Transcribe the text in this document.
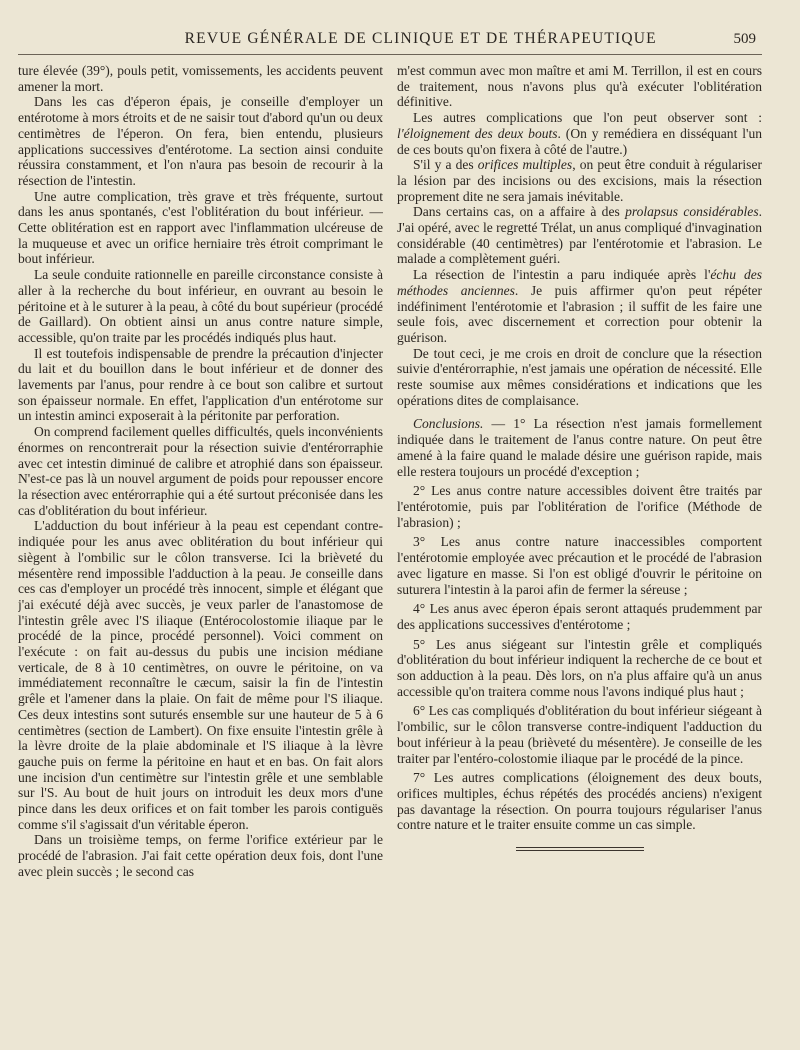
REVUE GÉNÉRALE DE CLINIQUE ET DE THÉRAPEUTIQUE	509

ture élevée (39°), pouls petit, vomissements, les accidents peuvent amener la mort.

Dans les cas d'éperon épais, je conseille d'employer un entérotome à mors étroits et de ne saisir tout d'abord qu'un ou deux centimètres de l'éperon. On fera, bien entendu, plusieurs applications successives d'entérotome. La section ainsi conduite réussira constamment, et l'on n'aura pas besoin de recourir à la résection de l'intestin.

Une autre complication, très grave et très fréquente, surtout dans les anus spontanés, c'est l'oblitération du bout inférieur. — Cette oblitération est en rapport avec l'inflammation ulcéreuse de la muqueuse et avec un orifice herniaire très étroit comprimant le bout inférieur.

La seule conduite rationnelle en pareille circonstance consiste à aller à la recherche du bout inférieur, en ouvrant au besoin le péritoine et à le suturer à la peau, à côté du bout supérieur (procédé de Gaillard). On obtient ainsi un anus contre nature simple, accessible, qu'on traite par les procédés indiqués plus haut.

Il est toutefois indispensable de prendre la précaution d'injecter du lait et du bouillon dans le bout inférieur et de donner des lavements par l'anus, pour rendre à ce bout son calibre et surtout son épaisseur normale. En effet, l'application d'un entérotome sur un intestin aminci exposerait à la péritonite par perforation.

On comprend facilement quelles difficultés, quels inconvénients énormes on rencontrerait pour la résection suivie d'entérorraphie avec cet intestin diminué de calibre et atrophié dans son épaisseur. N'est-ce pas là un nouvel argument de poids pour repousser encore la résection avec entérorraphie qui a été surtout préconisée dans les cas d'oblitération du bout inférieur.

L'adduction du bout inférieur à la peau est cependant contre-indiquée pour les anus avec oblitération du bout inférieur qui siègent à l'ombilic sur le côlon transverse. Ici la brièveté du mésentère rend impossible l'adduction à la peau. Je conseille dans ces cas d'employer un procédé très innocent, simple et élégant que j'ai exécuté déjà avec succès, je veux parler de l'anastomose de l'intestin grêle avec l'S iliaque (Entérocolostomie iliaque par le procédé de la pince, procédé personnel). Voici comment on l'exécute : on fait au-dessus du pubis une incision médiane verticale, de 8 à 10 centimètres, on ouvre le péritoine, on va immédiatement reconnaître le cæcum, saisir la fin de l'intestin grêle et l'amener dans la plaie. On fait de même pour l'S iliaque. Ces deux intestins sont suturés ensemble sur une hauteur de 5 à 6 centimètres (section de Lambert). On fixe ensuite l'intestin grêle à la lèvre droite de la plaie abdominale et l'S iliaque à la lèvre gauche puis on ferme la péritoine en haut et en bas. On fait alors une incision d'un centimètre sur l'intestin grêle et une semblable sur l'S. Au bout de huit jours on introduit les deux mors d'une pince dans les deux orifices et on fait tomber les parois contiguës comme s'il s'agissait d'un véritable éperon.

Dans un troisième temps, on ferme l'orifice extérieur par le procédé de l'abrasion. J'ai fait cette opération deux fois, dont l'une avec plein succès ; le second cas

m'est commun avec mon maître et ami M. Terrillon, il est en cours de traitement, nous n'avons plus qu'à exécuter l'oblitération définitive.

Les autres complications que l'on peut observer sont : l'éloignement des deux bouts. (On y remédiera en disséquant l'un de ces bouts qu'on fixera à côté de l'autre.)

S'il y a des orifices multiples, on peut être conduit à régulariser la lésion par des incisions ou des excisions, mais la résection proprement dite ne sera jamais inévitable.

Dans certains cas, on a affaire à des prolapsus considérables. J'ai opéré, avec le regretté Trélat, un anus compliqué d'invagination considérable (40 centimètres) par l'entérotomie et l'abrasion. Le malade a complètement guéri.

La résection de l'intestin a paru indiquée après l'échu des méthodes anciennes. Je puis affirmer qu'on peut répéter indéfiniment l'entérotomie et l'abrasion ; il suffit de les faire une seule fois, avec discernement et correction pour obtenir la guérison.

De tout ceci, je me crois en droit de conclure que la résection suivie d'entérorraphie, n'est jamais une opération de nécessité. Elle reste soumise aux mêmes considérations et indications que les opérations dites de complaisance.

Conclusions. — 1° La résection n'est jamais formellement indiquée dans le traitement de l'anus contre nature. On peut être amené à la faire quand le malade désire une guérison rapide, mais elle restera toujours un procédé d'exception ;

2° Les anus contre nature accessibles doivent être traités par l'entérotomie, puis par l'oblitération de l'orifice (Méthode de l'abrasion) ;

3° Les anus contre nature inaccessibles comportent l'entérotomie employée avec précaution et le procédé de l'abrasion avec ligature en masse. Si l'on est obligé d'ouvrir le péritoine on suturera l'intestin à la paroi afin de fermer la séreuse ;

4° Les anus avec éperon épais seront attaqués prudemment par des applications successives d'entérotome ;

5° Les anus siégeant sur l'intestin grêle et compliqués d'oblitération du bout inférieur indiquent la recherche de ce bout et son adduction à la peau. Dès lors, on n'a plus affaire qu'à un anus accessible qu'on traitera comme nous l'avons indiqué plus haut ;

6° Les cas compliqués d'oblitération du bout inférieur siégeant à l'ombilic, sur le côlon transverse contre-indiquent l'adduction du bout inférieur à la peau (brièveté du mésentère). Je conseille de les traiter par l'entéro-colostomie iliaque par le procédé de la pince.

7° Les autres complications (éloignement des deux bouts, orifices multiples, échus répétés des procédés anciens) n'exigent pas davantage la résection. On pourra toujours régulariser l'anus contre nature et le traiter ensuite comme un cas simple.
